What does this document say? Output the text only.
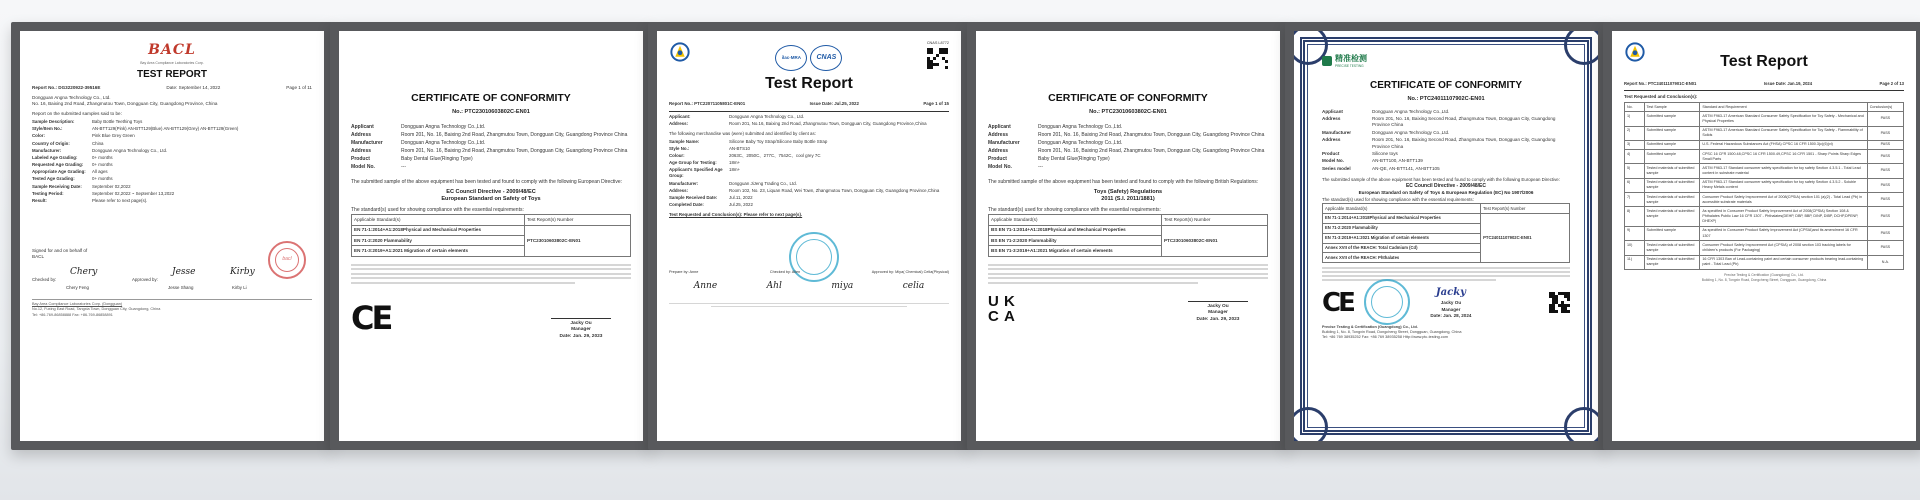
BACL
Bay Area Compliance Laboratories Corp.
TEST REPORT
Report No.: DG3220922-39516E	Date: September 14, 2022	Page 1 of 11
Dongguan Angna Technology Co., Ltd.
No. 16, Baixing 2nd Road, Zhangmutou Town, Dongguan City, Guangdong Province, China
Report on the submitted samples said to be:
Sample Description:	Baby Bottle Teething Toys
Style/Item No.:	AN-BTT129(Pink) AN-BTT129(Blue) AN-BTT129(Grey) AN-BTT129(Green)
Color:	Pink Blue Grey Green
Country of Origin:	China
Manufacturer:	Dongguan Angna Technology Co., Ltd.
Labeled Age Grading:	0+ months
Requested Age Grading:	0+ months
Appropriate Age Grading:	All ages
Tested Age Grading:	0+ months
Sample Receiving Date:	September 02,2022
Testing Period:	September 02,2022 ~ September 13,2022
Result:	Please refer to next page(s).
Signed for and on behalf of
BACL	bacl
Checked by:
Chery
Chery Feng
Approved by:
Jesse
Jesse Shang
Kirby
Kirby Li
Bay Area Compliance Laboratories Corp. (Dongguan)
No.12, Fuxing East Road, Tangxia Town, Dongguan City, Guangdong, China
Tel: +86-769-86858888 Fax: +86-769-86858891
CERTIFICATE OF CONFORMITY
No.: PTC23010603802C-EN01
Applicant	Dongguan Angna Technology Co.,Ltd.
Address	Room 201, No. 16, Baixing 2nd Road, Zhangmutou Town, Dongguan City, Guangdong Province China
Manufacturer	Dongguan Angna Technology Co.,Ltd.
Address	Room 201, No. 16, Baixing 2nd Road, Zhangmutou Town, Dongguan City, Guangdong Province China
Product	Baby Dental Glue(Ringing Type)
Model No.	---
The submitted sample of the above equipment has been tested and found to comply with the following European Directive:
EC Council Directive - 2009/48/EC
European Standard on Safety of Toys
The standard(s) used for showing compliance with the essential requirements:
Applicable Standard(s)	Test Report(s) Number
EN 71-1:2014+A1:2018Physical and Mechanical Properties	PTC23010603802C-EN01
EN 71-2:2020 Flammability	
EN 71-3:2019+A1:2021 Migration of certain elements	
CE	Jacky Ou
Manager
Date: Jan. 29, 2023
ilac-MRA	CNAS
CNAS L8772
Test Report
Report No.: PTC22071105801C-EN01	Issue Date: Jul.25, 2022	Page 1 of 15
Applicant:	Dongguan Angna Technology Co., Ltd.
Address:	Room 201, No.16, Baixing 2nd Road, Zhangmutou Town, Dongguan City, Guangdong Province,China
The following merchandise was (were) submitted and identified by client as:
Sample Name:	Silicone Baby Toy Strap/Silicone Baby Bottle Strap
Style No.:	AN-BTS10
Colour:	2063C、2050C、277C、7542C、cool grey 7C
Age Group for Testing:	18m+
Applicant's Specified Age Group:
18m+
Manufacturer:	Dongguan JiJeng Trading Co., Ltd.
Address:	Room 102, No. 23, Liquan Road, Wei Town, Zhangmutou Town, Dongguan City, Guangdong Province,China
Sample Received Date:	Jul.11, 2022
Completed Date:	Jul.25, 2022
Test Requested and Conclusion(s): Please refer to next page(s).
Prepare by: Anne	Checked by: Allen	Approved by: Miya( Chemical) Celia(Physical)
Anne	Ahl	miya	celia
CERTIFICATE OF CONFORMITY
No.: PTC23010603802C-EN01
Applicant	Dongguan Angna Technology Co.,Ltd.
Address	Room 201, No. 16, Baixing 2nd Road, Zhangmutou Town, Dongguan City, Guangdong Province China
Manufacturer	Dongguan Angna Technology Co.,Ltd.
Address	Room 201, No. 16, Baixing 2nd Road, Zhangmutou Town, Dongguan City, Guangdong Province China
Product	Baby Dental Glue(Ringing Type)
Model No.	---
The submitted sample of the above equipment has been tested and found to comply with the following British Regulations:
Toys (Safety) Regulations
2011 (S.I. 2011/1881)
The standard(s) used for showing compliance with the essential requirements:
Applicable Standard(s)	Test Report(s) Number
BS EN 71-1:2014+A1:2018Physical and Mechanical Properties	PTC23010603802C-EN01
BS EN 71-2:2020 Flammability	
BS EN 71-3:2019+A1:2021 Migration of certain elements	
U K
C A
Jacky Ou
Manager
Date: Jan. 29, 2023
精准检测
PRECISE TESTING
CERTIFICATE OF CONFORMITY
No.: PTC24011107902C-EN01
Applicant	Dongguan Angna Technology Co.,Ltd.
Address	Room 201, No. 16, Baixing Second Road, Zhangmutou Town, Dongguan City, Guangdong Province China
Manufacturer	Dongguan Angna Technology Co.,Ltd.
Address	Room 201, No. 16, Baixing Second Road, Zhangmutou Town, Dongguan City, Guangdong Province China
Product	Silicone toys
Model No.	AN-BTT100, AN-BTT139
Series model	AN-QE, AN-BTT141, AN-BTT105
The submitted sample of the above equipment has been tested and found to comply with the following European Directive:
EC Council Directive - 2009/48/EC
European Standard on Safety of Toys & European Regulation (EC) No 1907/2006
The standard(s) used for showing compliance with the essential requirements:
Applicable Standard(s)	Test Report(s) Number
EN 71-1:2014+A1:2018Physical and Mechanical Properties	PTC24011107902C-EN01
EN 71-2:2020 Flammability	
EN 71-3:2019+A1:2021 Migration of certain elements	
Annex XVII of the REACH: Total Cadmium (Cd)	
Annex XVII of the REACH: Phthalates	
CE	Jacky
Jacky Ou
Manager
Date: Jan. 28, 2024
Precise Testing & Certification (Guangdong) Co., Ltd.
Building 1, No. 8, Tongxin Road, Dongcheng Street, Dongguan, Guangdong, China
Tel: +86 769 38935252 Fax: +86 769 38935258 Http://www.ptc-testing.com
Test Report
Report No.: PTC24011107901C-EN01	Issue Date: Jan.19, 2024	Page 2 of 13
Test Requested and Conclusion(s):
No.	Test Sample	Standard and Requirement	Conclusion(s)
1)	Submitted sample	ASTM F963-17 American Standard Consumer Safety Specification for Toy Safety - Mechanical and Physical Properties	PASS
2)	Submitted sample	ASTM F963-17 American Standard Consumer Safety Specification for Toy Safety - Flammability of Solids	PASS
3)	Submitted sample	U.S. Federal Hazardous Substances Act (FHSA) CPSC 16 CFR 1500.3(c)(6)(vi)	PASS
4)	Submitted sample	CPSC 16 CFR 1500.48,CPSC 16 CFR 1500.49,CPSC 16 CFR 1501 - Sharp Points Sharp Edges Small Parts	PASS
5)	Tested materials of submitted sample	ASTM F963-17 Standard consumer safety specification for toy safety Section 4.3.5.1 - Total Lead content in substrate material	PASS
6)	Tested materials of submitted sample	ASTM F963-17 Standard consumer safety specification for toy safety Section 4.3.5.2 - Soluble Heavy Metals content	PASS
7)	Tested materials of submitted sample	Consumer Product Safety Improvement Act of 2008(CPSIA) section 101 (a)(2) - Total Lead (Pb) in accessible substrate materials	PASS
8)	Tested materials of submitted sample	As specified in Consumer Product Safety Improvement Act of 2008(CPSIA) Section 108 & Phthalates Public Law 16 CFR 1307 - Phthalates(DEHP, DBP, BBP, DINP, DIBP, DCHP,DPENP, DHEXP)	PASS
9)	Submitted sample	As specified in Consumer Product Safety Improvement Act (CPSIA)and its amendment 16 CFR 1307	PASS
10)	Tested materials of submitted sample	Consumer Product Safety Improvement Act (CPSIA) of 2008 section 103 tracking labels for children's products (For Packaging)	PASS
11)	Tested materials of submitted sample	16 CFR 1303 Ban of Lead-containing paint and certain consumer products bearing lead-containing paint - Total Lead (Pb)	N.A.
Precise Testing & Certification (Guangdong) Co., Ltd.
Building 1, No. 8, Tongxin Road, Dongcheng Street, Dongguan, Guangdong, China
